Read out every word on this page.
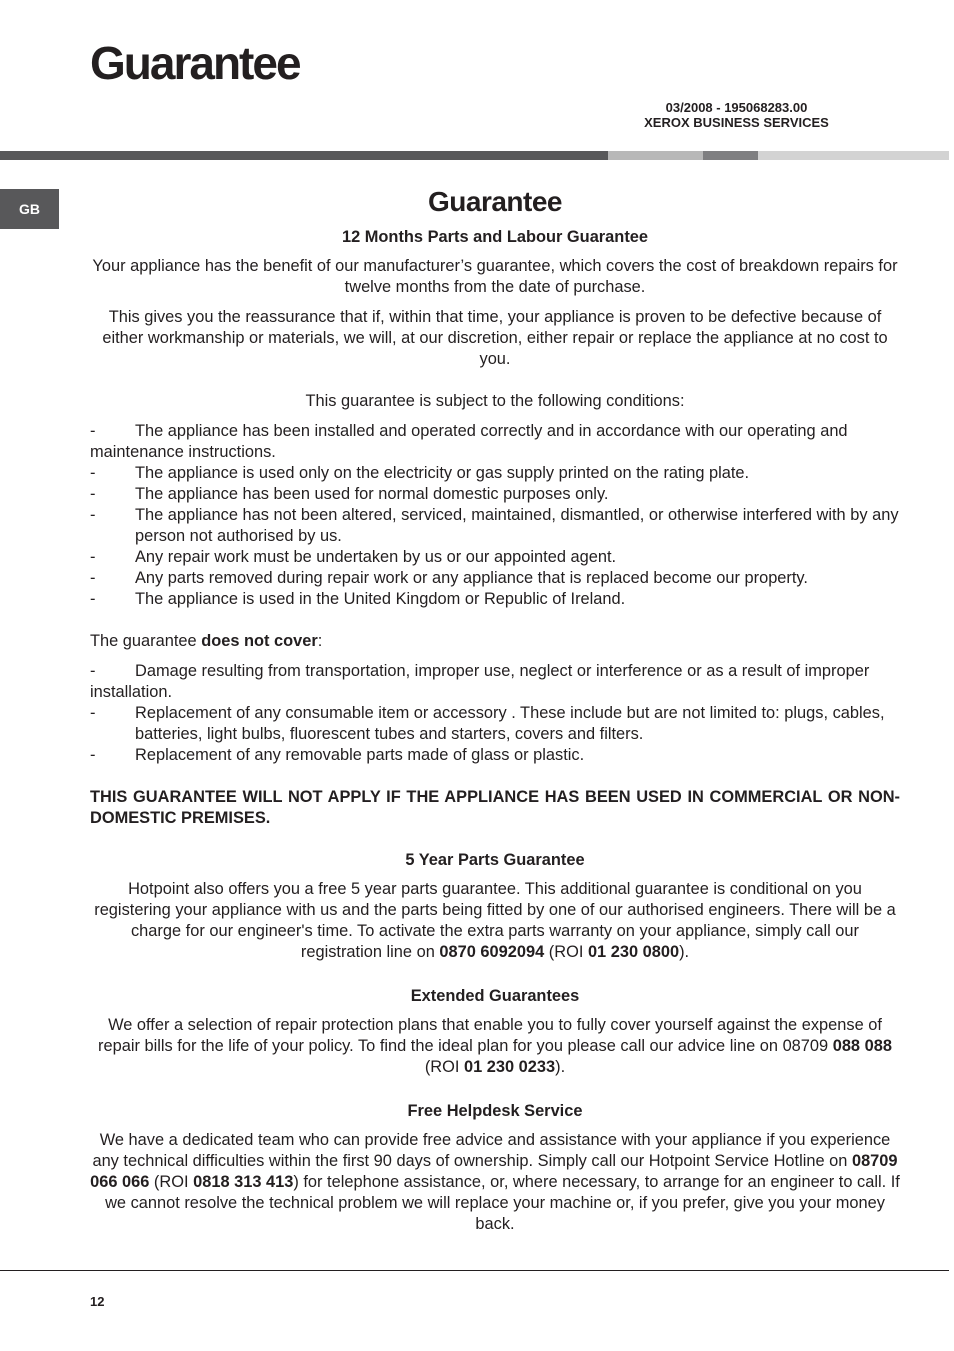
Guarantee
03/2008 - 195068283.00
XEROX BUSINESS SERVICES
GB	Guarantee
12 Months Parts and Labour Guarantee

Your appliance has the benefit of our manufacturer’s guarantee, which covers the cost of breakdown repairs for twelve months from the date of purchase.

This gives you the reassurance that if, within that time, your appliance is proven to be defective because of either workmanship or materials, we will, at our discretion, either repair or replace the appliance at no cost to you.

This guarantee is subject to the following conditions:

- The appliance has been installed and operated correctly and in accordance with our operating and maintenance instructions.
- The appliance is used only on the electricity or gas supply printed on the rating plate.
- The appliance has been used for normal domestic purposes only.
- The appliance has not been altered, serviced, maintained, dismantled, or otherwise interfered with by any person not authorised by us.
- Any repair work must be undertaken by us or our appointed agent.
- Any parts removed during repair work or any appliance that is replaced become our property.
- The appliance is used in the United Kingdom or Republic of Ireland.

The guarantee does not cover:

- Damage resulting from transportation, improper use, neglect or interference or as a result of improper installation.
- Replacement of any consumable item or accessory . These include but are not limited to: plugs, cables, batteries, light bulbs, fluorescent tubes and starters, covers and filters.
- Replacement of any removable parts made of glass or plastic.

THIS GUARANTEE WILL NOT APPLY IF THE APPLIANCE HAS BEEN USED IN COMMERCIAL OR NON-DOMESTIC PREMISES.

5 Year Parts Guarantee

Hotpoint also offers you a free 5 year parts guarantee. This additional guarantee is conditional on you registering your appliance with us and the parts being fitted by one of our authorised engineers. There will be a charge for our engineer's time. To activate the extra parts warranty on your appliance, simply call our registration line on 0870 6092094 (ROI 01 230 0800).

Extended Guarantees

We offer a selection of repair protection plans that enable you to fully cover yourself against the expense of repair bills for the life of your policy. To find the ideal plan for you please call our advice line on 08709 088 088 (ROI 01 230 0233).

Free Helpdesk Service

We have a dedicated team who can provide free advice and assistance with your appliance if you experience any technical difficulties within the first 90 days of ownership. Simply call our Hotpoint Service Hotline on 08709 066 066 (ROI 0818 313 413) for telephone assistance, or, where necessary, to arrange for an engineer to call. If we cannot resolve the technical problem we will replace your machine or, if you prefer, give you your money back.

12
